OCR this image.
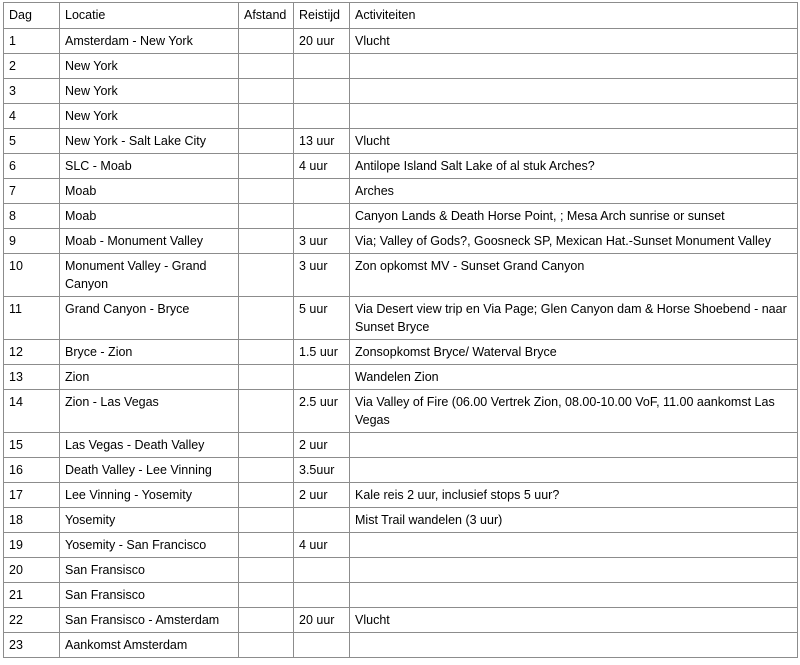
Dag	Locatie	Afstand	Reistijd	Activiteiten
1	Amsterdam - New York		20 uur	Vlucht
2	New York			
3	New York			
4	New York			
5	New York - Salt Lake City		13 uur	Vlucht
6	SLC - Moab		4 uur	Antilope Island Salt Lake of al stuk Arches?
7	Moab			Arches
8	Moab			Canyon Lands & Death Horse Point, ; Mesa Arch sunrise or sunset
9	Moab - Monument Valley		3 uur	Via; Valley of Gods?, Goosneck SP, Mexican Hat.-Sunset Monument Valley
10	Monument Valley - Grand Canyon		3 uur	Zon opkomst MV - Sunset Grand Canyon
11	Grand Canyon - Bryce		5 uur	Via Desert view trip en Via Page; Glen Canyon dam & Horse Shoebend - naar Sunset Bryce
12	Bryce - Zion		1.5 uur	Zonsopkomst Bryce/ Waterval Bryce
13	Zion			Wandelen Zion
14	Zion - Las Vegas		2.5 uur	Via Valley of Fire (06.00 Vertrek Zion, 08.00-10.00 VoF, 11.00 aankomst Las Vegas
15	Las Vegas - Death Valley		2 uur	
16	Death Valley - Lee Vinning		3.5uur	
17	Lee Vinning - Yosemity		2 uur	Kale reis 2 uur, inclusief stops 5 uur?
18	Yosemity			Mist Trail wandelen (3 uur)
19	Yosemity - San Francisco		4 uur	
20	San Fransisco			
21	San Fransisco			
22	San Fransisco - Amsterdam		20 uur	Vlucht
23	Aankomst Amsterdam			
